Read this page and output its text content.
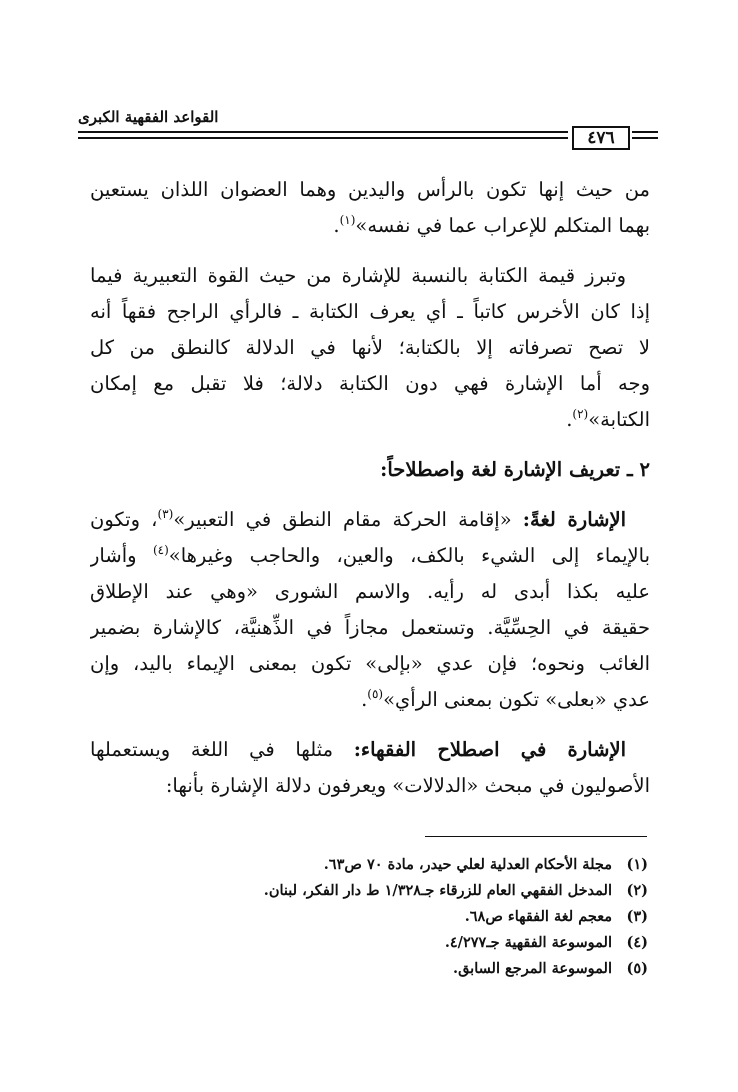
٤٧٦
القواعد الفقهية الكبرى
من حيث إنها تكون بالرأس واليدين وهما العضوان اللذان يستعين
بهما المتكلم للإعراب عما في نفسه»$^{(١)}$.
وتبرز قيمة الكتابة بالنسبة للإشارة من حيث القوة التعبيرية فيما
إذا كان الأخرس كاتباً ـ أي يعرف الكتابة ـ فالرأي الراجح فقهاً أنه
لا تصح تصرفاته إلا بالكتابة؛ لأنها في الدلالة كالنطق من كل
وجه أما الإشارة فهي دون الكتابة دلالة؛ فلا تقبل مع إمكان
الكتابة»$^{(٢)}$.
٢ ـ تعريف الإشارة لغة واصطلاحاً:
الإشارة لغةً: «إقامة الحركة مقام النطق في التعبير»$^{(٣)}$، وتكون
بالإيماء إلى الشيء بالكف، والعين، والحاجب وغيرها»$^{(٤)}$ وأشار
عليه بكذا أبدى له رأيه. والاسم الشورى «وهي عند الإطلاق
حقيقة في الحِسِّيَّة. وتستعمل مجازاً في الذِّهنيَّة، كالإشارة بضمير
الغائب ونحوه؛ فإن عدي «بإلى» تكون بمعنى الإيماء باليد، وإن
عدي «بعلى» تكون بمعنى الرأي»$^{(٥)}$.
الإشارة في اصطلاح الفقهاء: مثلها في اللغة ويستعملها
الأصوليون في مبحث «الدلالات» ويعرفون دلالة الإشارة بأنها:
(١)مجلة الأحكام العدلية لعلي حيدر، مادة ٧٠ ص٦٣.
(٢)المدخل الفقهي العام للزرقاء جـ١/٣٢٨ ط دار الفكر، لبنان.
(٣)معجم لغة الفقهاء ص٦٨.
(٤)الموسوعة الفقهية جـ٤/٢٧٧.
(٥)الموسوعة المرجع السابق.
